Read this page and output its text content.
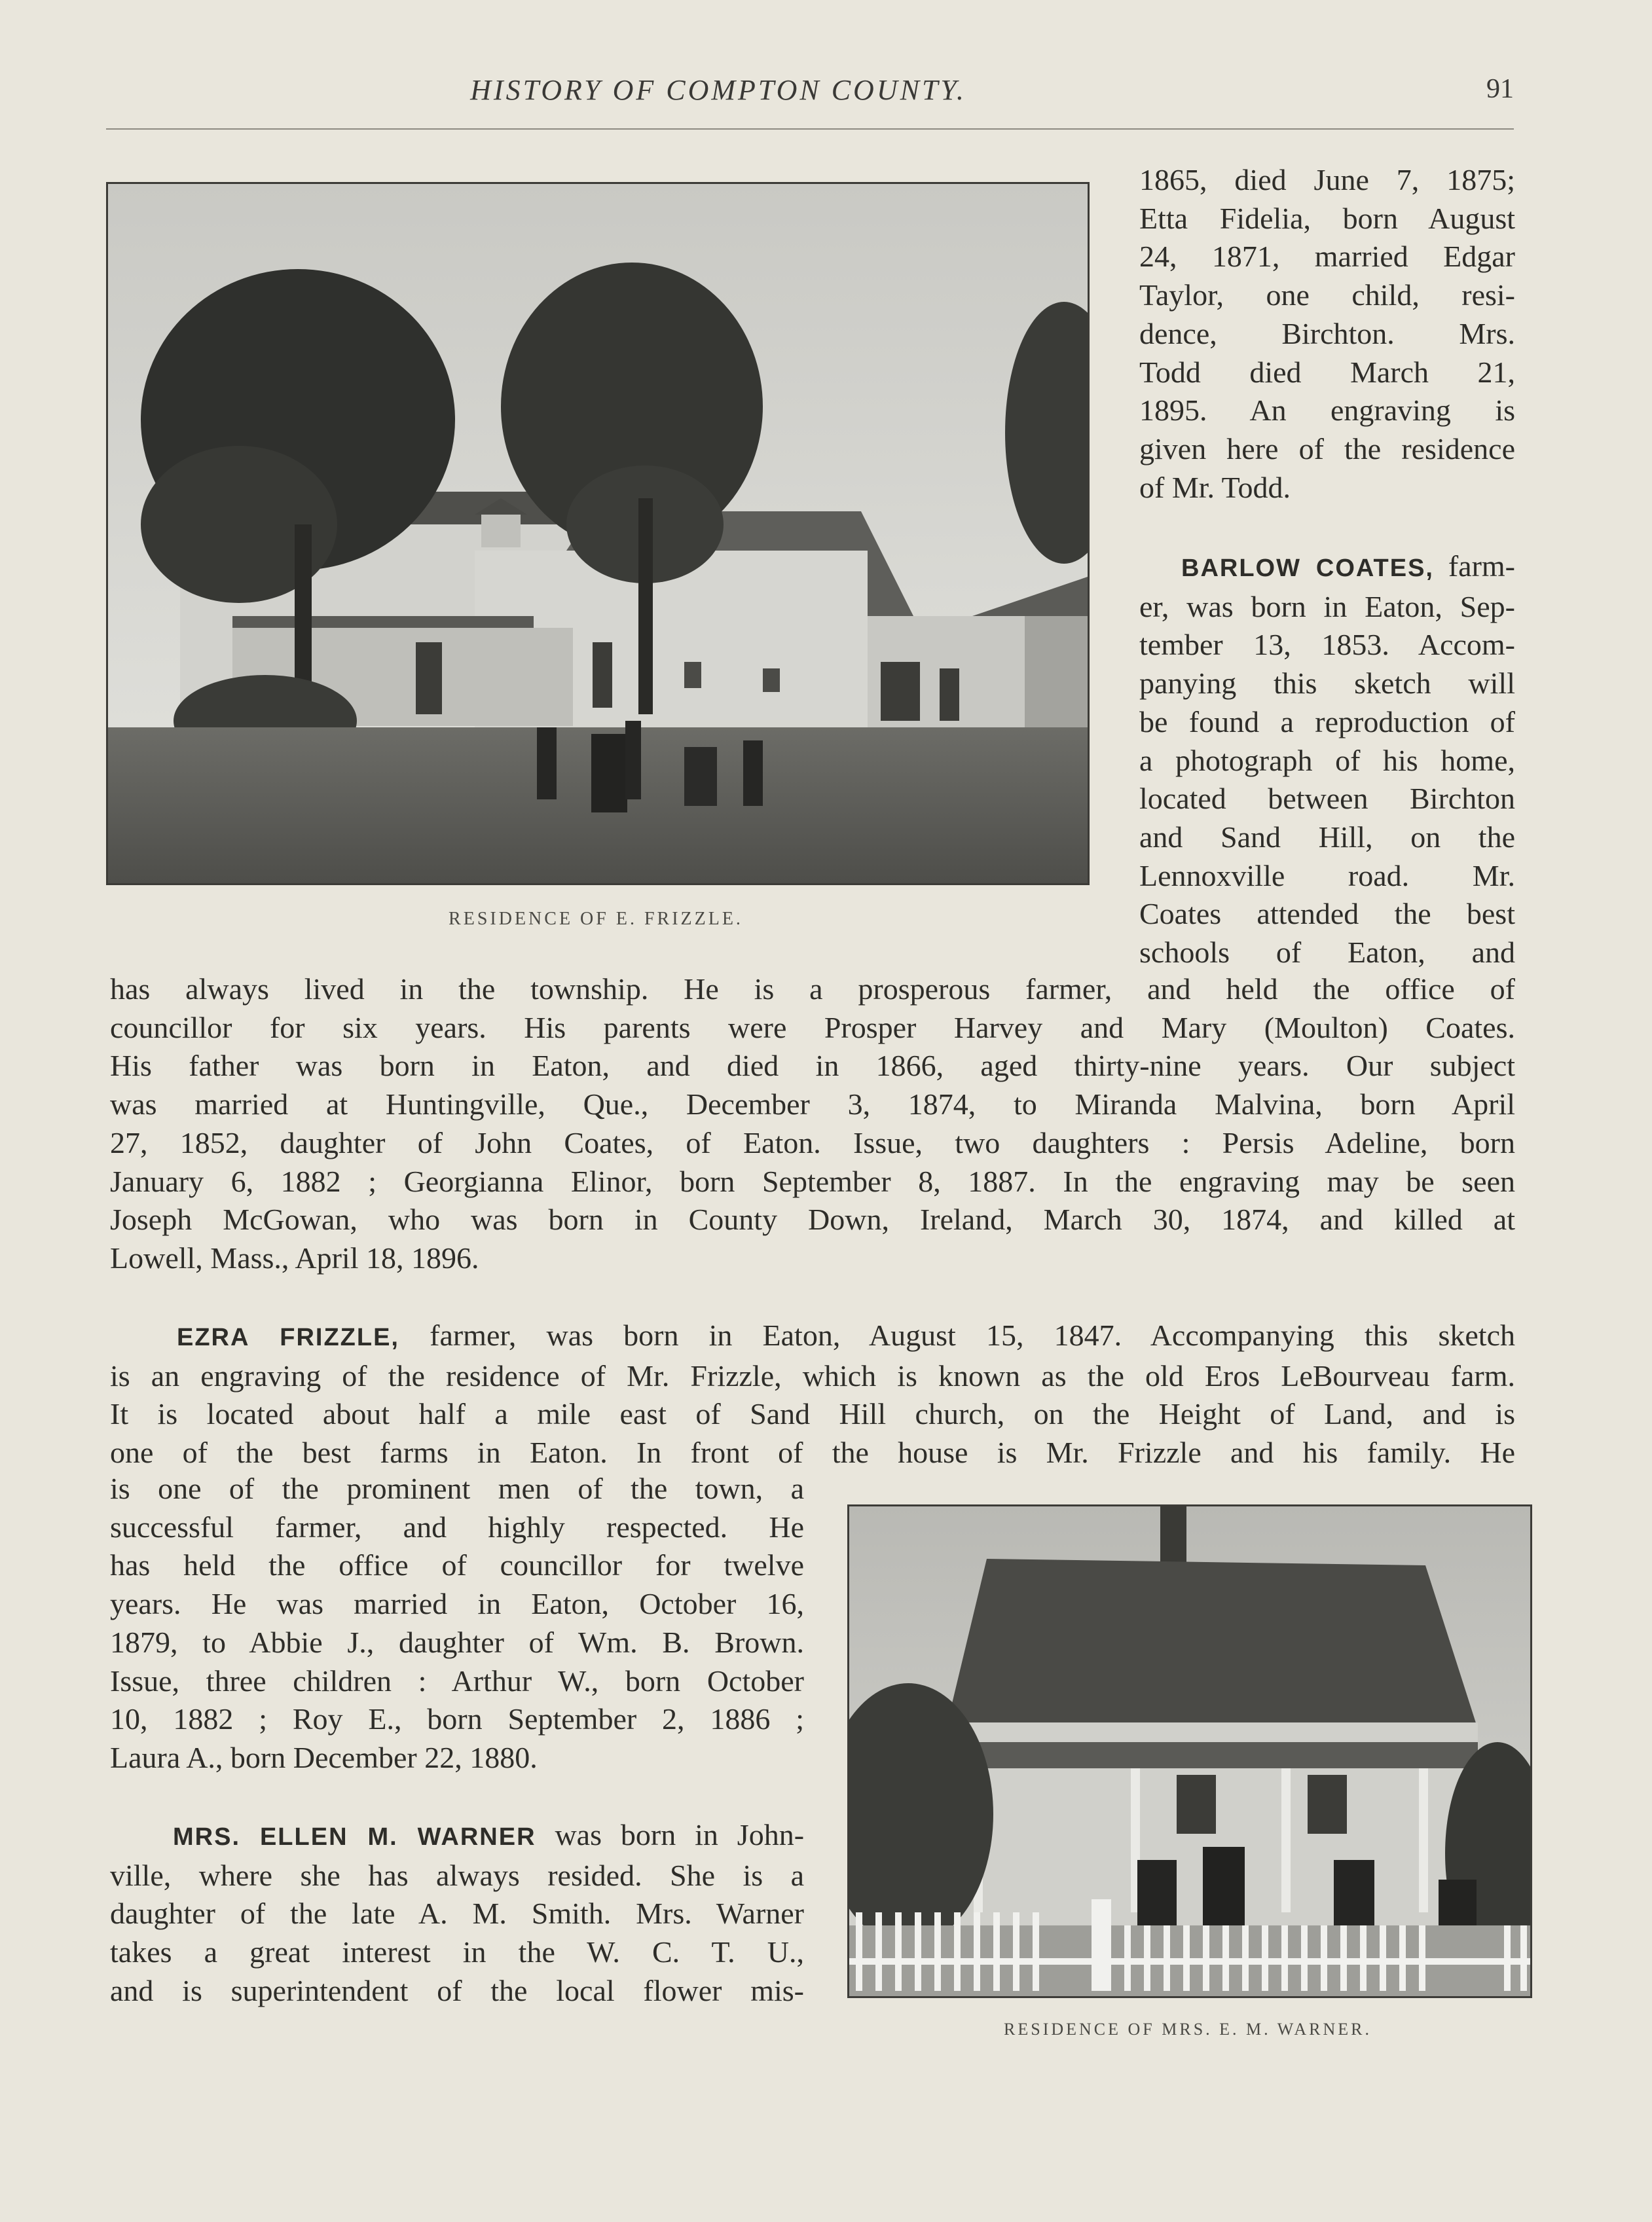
HISTORY OF COMPTON COUNTY.	91
RESIDENCE OF E. FRIZZLE.
1865, died June 7, 1875;
Etta Fidelia, born August
24, 1871, married Edgar
Taylor, one child, resi-
dence, Birchton. Mrs.
Todd died March 21,
1895. An engraving is
given here of the residence
of Mr. Todd.
BARLOW COATES, farm-
er, was born in Eaton, Sep-
tember 13, 1853. Accom-
panying this sketch will
be found a reproduction of
a photograph of his home,
located between Birchton
and Sand Hill, on the
Lennoxville road. Mr.
Coates attended the best
schools of Eaton, and
has always lived in the township. He is a prosperous farmer, and held the office of
councillor for six years. His parents were Prosper Harvey and Mary (Moulton) Coates.
His father was born in Eaton, and died in 1866, aged thirty-nine years. Our subject
was married at Huntingville, Que., December 3, 1874, to Miranda Malvina, born April
27, 1852, daughter of John Coates, of Eaton. Issue, two daughters : Persis Adeline, born
January 6, 1882 ; Georgianna Elinor, born September 8, 1887. In the engraving may be seen
Joseph McGowan, who was born in County Down, Ireland, March 30, 1874, and killed at
Lowell, Mass., April 18, 1896.
EZRA FRIZZLE, farmer, was born in Eaton, August 15, 1847. Accompanying this sketch
is an engraving of the residence of Mr. Frizzle, which is known as the old Eros LeBourveau farm.
It is located about half a mile east of Sand Hill church, on the Height of Land, and is
one of the best farms in Eaton. In front of the house is Mr. Frizzle and his family. He
is one of the prominent men of the town, a
successful farmer, and highly respected. He
has held the office of councillor for twelve
years. He was married in Eaton, October 16,
1879, to Abbie J., daughter of Wm. B. Brown.
Issue, three children : Arthur W., born October
10, 1882 ; Roy E., born September 2, 1886 ;
Laura A., born December 22, 1880.
MRS. ELLEN M. WARNER was born in John-
ville, where she has always resided. She is a
daughter of the late A. M. Smith. Mrs. Warner
takes a great interest in the W. C. T. U.,
and is superintendent of the local flower mis-
RESIDENCE OF MRS. E. M. WARNER.
